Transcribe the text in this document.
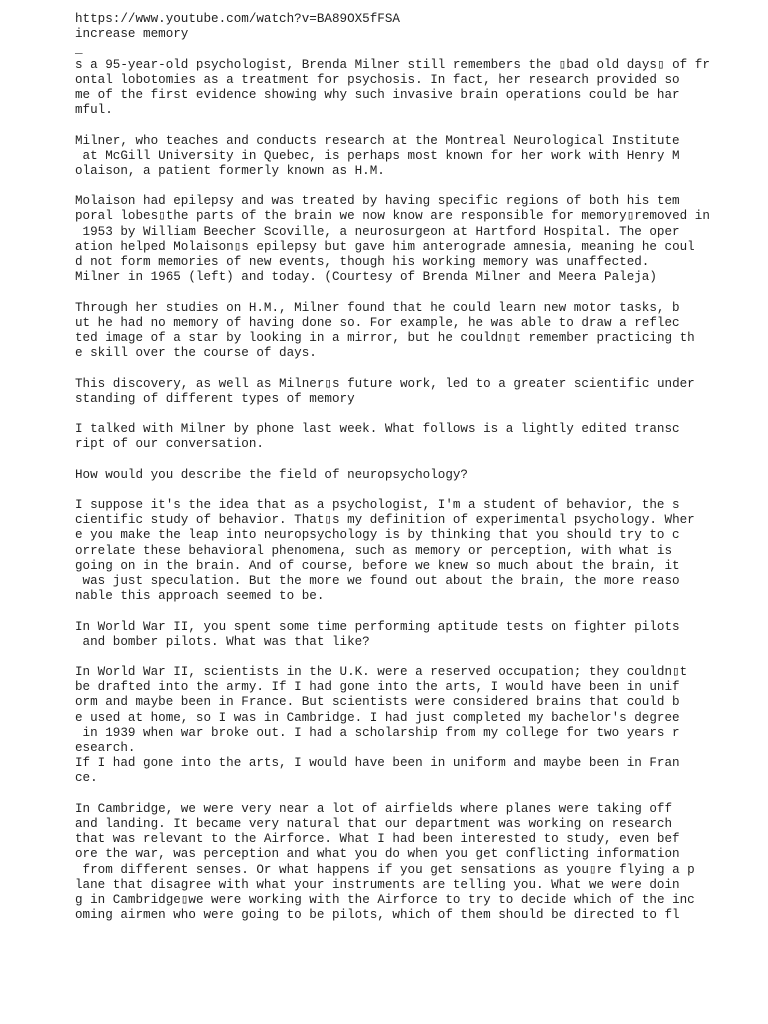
https://www.youtube.com/watch?v=BA89OX5fFSA
increase memory
_
s a 95-year-old psychologist, Brenda Milner still remembers the ▯bad old days▯ of fr
ontal lobotomies as a treatment for psychosis. In fact, her research provided so
me of the first evidence showing why such invasive brain operations could be har
mful.
Milner, who teaches and conducts research at the Montreal Neurological Institute
at McGill University in Quebec, is perhaps most known for her work with Henry M
olaison, a patient formerly known as H.M.
Molaison had epilepsy and was treated by having specific regions of both his tem
poral lobes▯the parts of the brain we now know are responsible for memory▯removed in
1953 by William Beecher Scoville, a neurosurgeon at Hartford Hospital. The oper
ation helped Molaison▯s epilepsy but gave him anterograde amnesia, meaning he coul
d not form memories of new events, though his working memory was unaffected.
Milner in 1965 (left) and today. (Courtesy of Brenda Milner and Meera Paleja)
Through her studies on H.M., Milner found that he could learn new motor tasks, b
ut he had no memory of having done so. For example, he was able to draw a reflec
ted image of a star by looking in a mirror, but he couldn▯t remember practicing th
e skill over the course of days.
This discovery, as well as Milner▯s future work, led to a greater scientific under
standing of different types of memory
I talked with Milner by phone last week. What follows is a lightly edited transc
ript of our conversation.
How would you describe the field of neuropsychology?
I suppose it's the idea that as a psychologist, I'm a student of behavior, the s
cientific study of behavior. That▯s my definition of experimental psychology. Wher
e you make the leap into neuropsychology is by thinking that you should try to c
orrelate these behavioral phenomena, such as memory or perception, with what is
going on in the brain. And of course, before we knew so much about the brain, it
was just speculation. But the more we found out about the brain, the more reaso
nable this approach seemed to be.
In World War II, you spent some time performing aptitude tests on fighter pilots
and bomber pilots. What was that like?
In World War II, scientists in the U.K. were a reserved occupation; they couldn▯t
be drafted into the army. If I had gone into the arts, I would have been in unif
orm and maybe been in France. But scientists were considered brains that could b
e used at home, so I was in Cambridge. I had just completed my bachelor's degree
in 1939 when war broke out. I had a scholarship from my college for two years r
esearch.
If I had gone into the arts, I would have been in uniform and maybe been in Fran
ce.
In Cambridge, we were very near a lot of airfields where planes were taking off
and landing. It became very natural that our department was working on research
that was relevant to the Airforce. What I had been interested to study, even bef
ore the war, was perception and what you do when you get conflicting information
from different senses. Or what happens if you get sensations as you▯re flying a p
lane that disagree with what your instruments are telling you. What we were doin
g in Cambridge▯we were working with the Airforce to try to decide which of the inc
oming airmen who were going to be pilots, which of them should be directed to fl
